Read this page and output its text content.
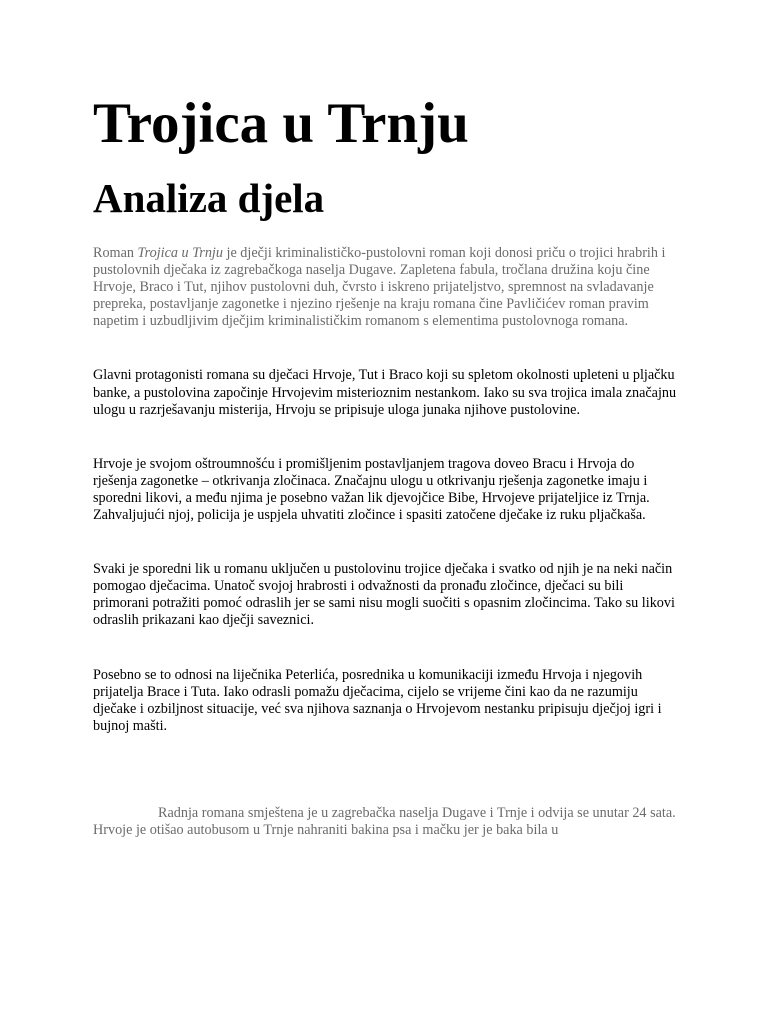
Trojica u Trnju
Analiza djela

Roman Trojica u Trnju je dječji kriminalističko-pustolovni roman koji donosi priču o trojici hrabrih i pustolovnih dječaka iz zagrebačkoga naselja Dugave. Zapletena fabula, tročlana družina koju čine Hrvoje, Braco i Tut, njihov pustolovni duh, čvrsto i iskreno prijateljstvo, spremnost na svladavanje prepreka, postavljanje zagonetke i njezino rješenje na kraju romana čine Pavličićev roman pravim napetim i uzbudljivim dječjim kriminalističkim romanom s elementima pustolovnoga romana.

Glavni protagonisti romana su dječaci Hrvoje, Tut i Braco koji su spletom okolnosti upleteni u pljačku banke, a pustolovina započinje Hrvojevim misterioznim nestankom. Iako su sva trojica imala značajnu ulogu u razrješavanju misterija, Hrvoju se pripisuje uloga junaka njihove pustolovine.

Hrvoje je svojom oštroumnošću i promišljenim postavljanjem tragova doveo Bracu i Hrvoja do rješenja zagonetke – otkrivanja zločinaca. Značajnu ulogu u otkrivanju rješenja zagonetke imaju i sporedni likovi, a među njima je posebno važan lik djevojčice Bibe, Hrvojeve prijateljice iz Trnja. Zahvaljujući njoj, policija je uspjela uhvatiti zločince i spasiti zatočene dječake iz ruku pljačkaša.

Svaki je sporedni lik u romanu uključen u pustolovinu trojice dječaka i svatko od njih je na neki način pomogao dječacima. Unatoč svojoj hrabrosti i odvažnosti da pronađu zločince, dječaci su bili primorani potražiti pomoć odraslih jer se sami nisu mogli suočiti s opasnim zločincima. Tako su likovi odraslih prikazani kao dječji saveznici.

Posebno se to odnosi na liječnika Peterlića, posrednika u komunikaciji između Hrvoja i njegovih prijatelja Brace i Tuta. Iako odrasli pomažu dječacima, cijelo se vrijeme čini kao da ne razumiju dječake i ozbiljnost situacije, već sva njihova saznanja o Hrvojevom nestanku pripisuju dječjoj igri i bujnoj mašti.

Radnja romana smještena je u zagrebačka naselja Dugave i Trnje i odvija se unutar 24 sata. Hrvoje je otišao autobusom u Trnje nahraniti bakina psa i mačku jer je baka bila u
